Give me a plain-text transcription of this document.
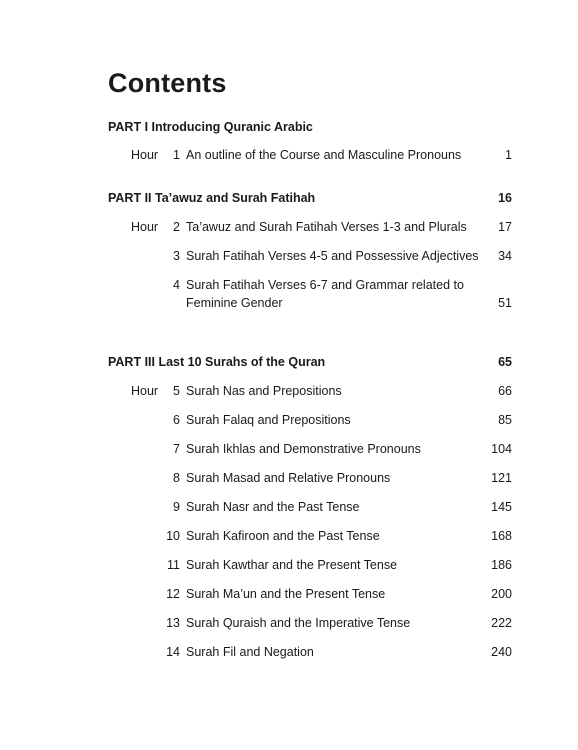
Contents
PART I Introducing Quranic Arabic
Hour 1 An outline of the Course and Masculine Pronouns	1
PART II Ta’awuz and Surah Fatihah	16
Hour 2 Ta’awuz and Surah Fatihah Verses 1-3 and Plurals	17
3 Surah Fatihah Verses 4-5 and Possessive Adjectives	34
4 Surah Fatihah Verses 6-7 and Grammar related to Feminine Gender	51
PART III Last 10 Surahs of the Quran	65
Hour 5 Surah Nas and Prepositions	66
6 Surah Falaq and Prepositions	85
7 Surah Ikhlas and Demonstrative Pronouns	104
8 Surah Masad and Relative Pronouns	121
9 Surah Nasr and the Past Tense	145
10 Surah Kafiroon and the Past Tense	168
11 Surah Kawthar and the Present Tense	186
12 Surah Ma’un and the Present Tense	200
13 Surah Quraish and the Imperative Tense	222
14 Surah Fil and Negation	240
